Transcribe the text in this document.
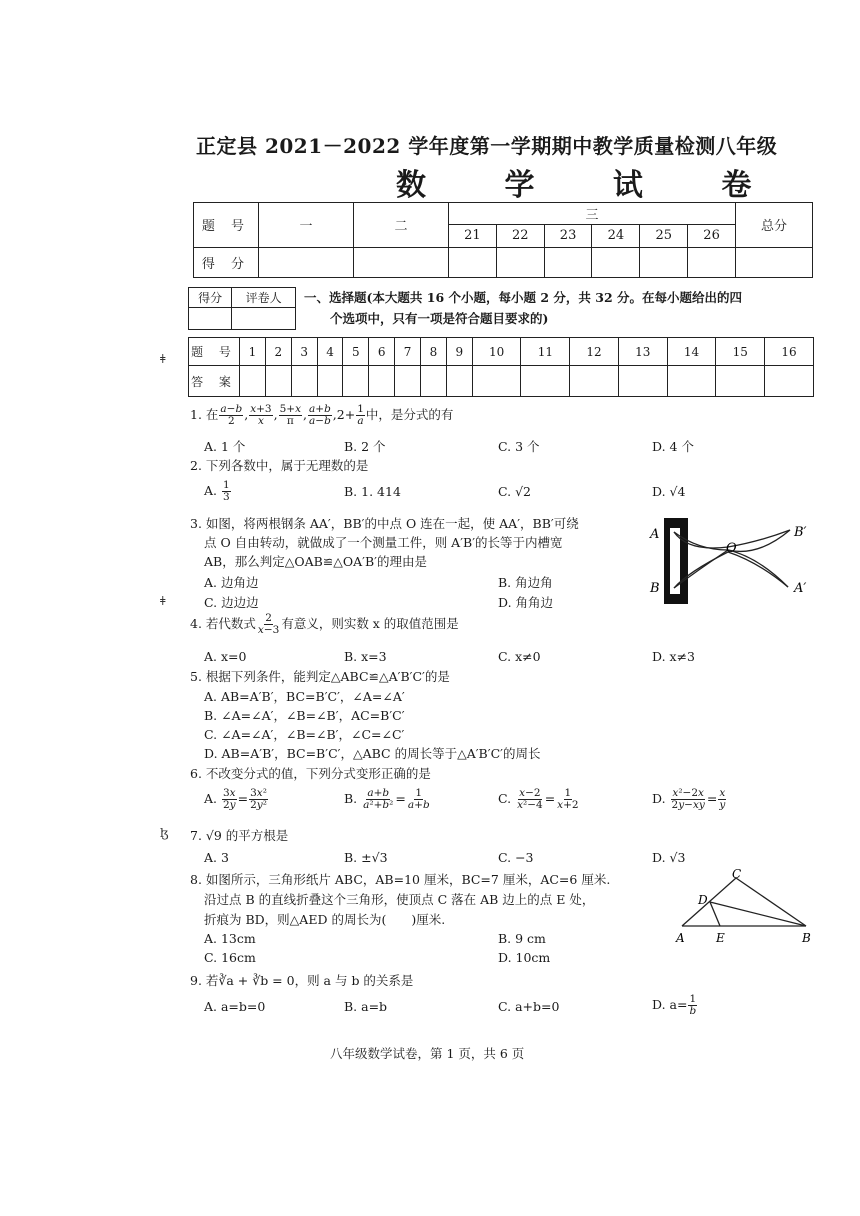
正定县 2021－2022 学年度第一学期期中教学质量检测八年级
数 学 试 卷
题 号	一	二	三						总分
			21	22	23	24	25	26	
得 分									
得分	评卷人
	一、选择题(本大题共 16 个小题，每小题 2 分，共 32 分。在每小题给出的四
个选项中，只有一项是符合题目要求的)
题 号	1	2	3	4	5	6	7	8	9	10	11	12	13	14	15	16
答 案																
ǂ
ǂ
ɮ
1. 在 $\frac{a-b}{2}$ , $\frac{x+3}{x}$ , $\frac{5+x}{\pi}$ , $\frac{a+b}{a-b} ,2+ \frac{1}{a}$ 中，是分式的有
A. 1 个	B. 2 个	C. 3 个	D. 4 个
2. 下列各数中，属于无理数的是
A. $\frac{1}{3}$	B. 1. 414	C. √2	D. √4
3. 如图，将两根钢条 AA′，BB′的中点 O 连在一起，使 AA′，BB′可绕
点 O 自由转动，就做成了一个测量工件，则 A′B′的长等于内槽宽
AB，那么判定△OAB≌△OA′B′的理由是
A. 边角边	B. 角边角
C. 边边边	D. 角角边
A
B
O
B′
A′
4. 若代数式 $\frac{2}{x-3}$ 有意义，则实数 x 的取值范围是
A. x=0	B. x=3	C. x≠0	D. x≠3
5. 根据下列条件，能判定△ABC≌△A′B′C′的是
A. AB=A′B′，BC=B′C′，∠A=∠A′
B. ∠A=∠A′，∠B=∠B′，AC=B′C′
C. ∠A=∠A′，∠B=∠B′，∠C=∠C′
D. AB=A′B′，BC=B′C′，△ABC 的周长等于△A′B′C′的周长
6. 不改变分式的值，下列分式变形正确的是
A. $\frac{3x}{2y} = \frac{\text{3x²}}{\text{2y²}}$	B. $\frac{a+b}{\text{a²+b²}} = \frac{1}{a+b}$	C. $\frac{x-2}{\text{x²−4}} = \frac{1}{x+2}$	D. $\frac{\text{x²−2x}}{2y-xy} = \frac{x}{y}$
7. √9 的平方根是
A. 3	B. ±√3	C. −3	D. √3
8. 如图所示，三角形纸片 ABC，AB=10 厘米，BC=7 厘米，AC=6 厘米.
沿过点 B 的直线折叠这个三角形，使顶点 C 落在 AB 边上的点 E 处，
折痕为 BD，则△AED 的周长为(　　)厘米.
A. 13cm	B. 9 cm
C. 16cm	D. 10cm
C
D
A	E	B
9. 若∛a + ∛b = 0，则 a 与 b 的关系是
A. a=b=0	B. a=b	C. a+b=0	D. $a= \frac{1}{b}$
八年级数学试卷，第 1 页，共 6 页
